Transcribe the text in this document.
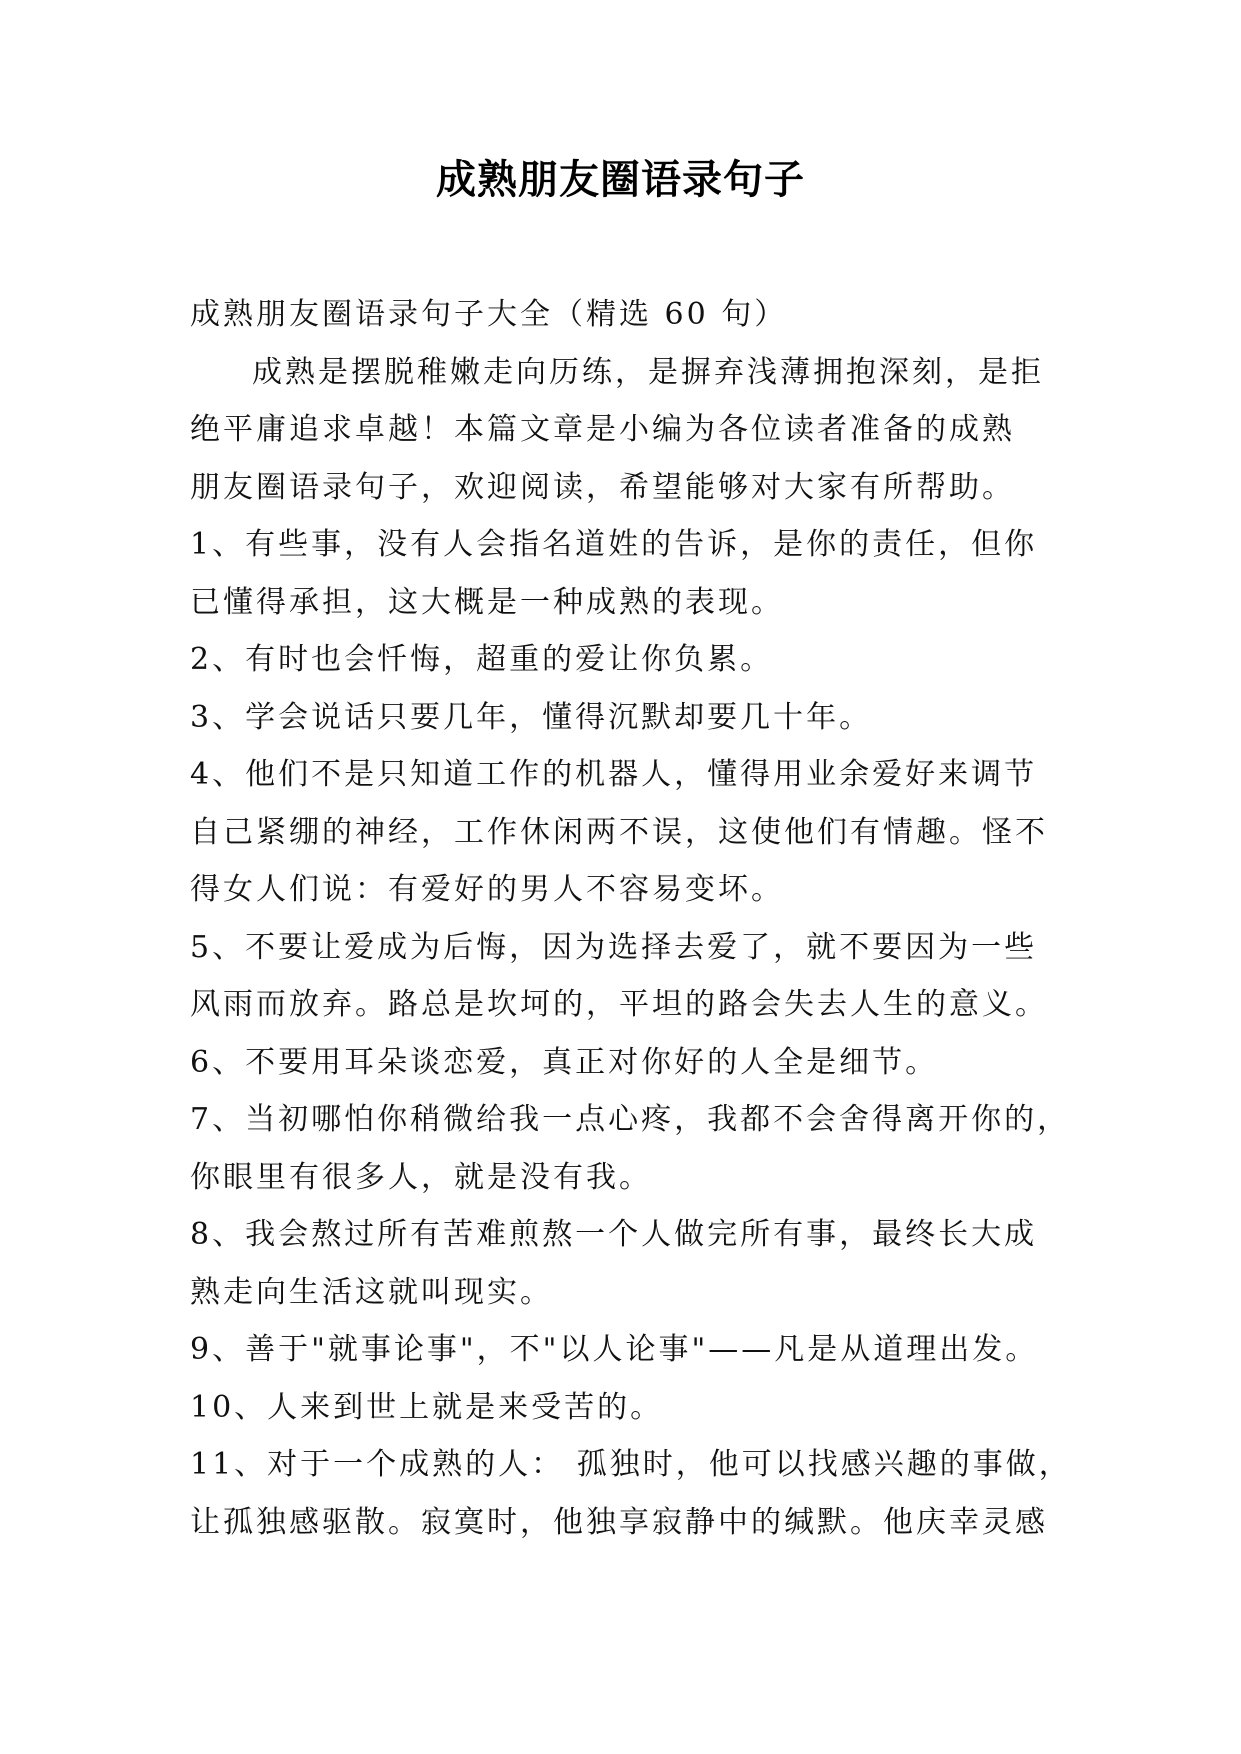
成熟朋友圈语录句子
成熟朋友圈语录句子大全（精选 60 句）
成熟是摆脱稚嫩走向历练，是摒弃浅薄拥抱深刻，是拒
绝平庸追求卓越！本篇文章是小编为各位读者准备的成熟
朋友圈语录句子，欢迎阅读，希望能够对大家有所帮助。
1、有些事，没有人会指名道姓的告诉，是你的责任，但你
已懂得承担，这大概是一种成熟的表现。
2、有时也会忏悔，超重的爱让你负累。
3、学会说话只要几年，懂得沉默却要几十年。
4、他们不是只知道工作的机器人，懂得用业余爱好来调节
自己紧绷的神经，工作休闲两不误，这使他们有情趣。怪不
得女人们说：有爱好的男人不容易变坏。
5、不要让爱成为后悔，因为选择去爱了，就不要因为一些
风雨而放弃。路总是坎坷的，平坦的路会失去人生的意义。
6、不要用耳朵谈恋爱，真正对你好的人全是细节。
7、当初哪怕你稍微给我一点心疼，我都不会舍得离开你的，
你眼里有很多人，就是没有我。
8、我会熬过所有苦难煎熬一个人做完所有事，最终长大成
熟走向生活这就叫现实。
9、善于"就事论事"，不"以人论事"——凡是从道理出发。
10、人来到世上就是来受苦的。
11、对于一个成熟的人： 孤独时，他可以找感兴趣的事做，
让孤独感驱散。寂寞时，他独享寂静中的缄默。他庆幸灵感
